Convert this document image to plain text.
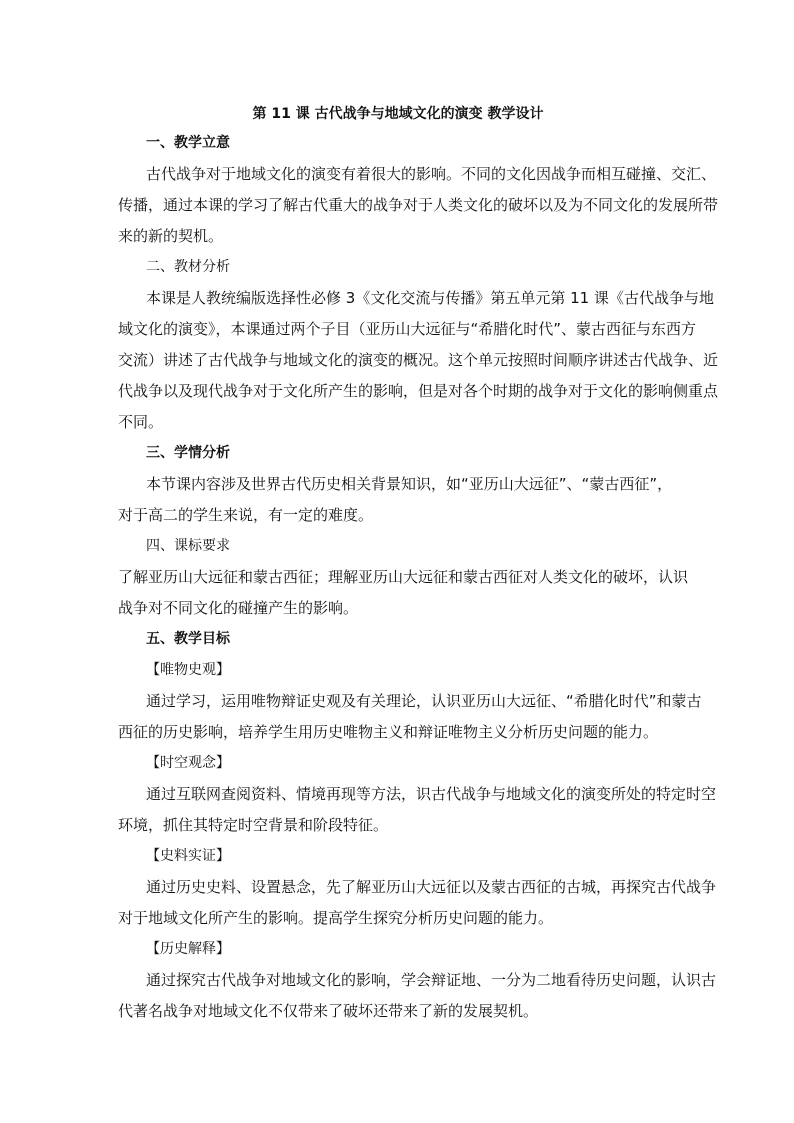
第 11 课 古代战争与地域文化的演变 教学设计
一、教学立意
古代战争对于地域文化的演变有着很大的影响。不同的文化因战争而相互碰撞、交汇、
传播，通过本课的学习了解古代重大的战争对于人类文化的破坏以及为不同文化的发展所带
来的新的契机。
二、教材分析
本课是人教统编版选择性必修 3《文化交流与传播》第五单元第 11 课《古代战争与地
域文化的演变》，本课通过两个子目（亚历山大远征与“希腊化时代”、蒙古西征与东西方
交流）讲述了古代战争与地域文化的演变的概况。这个单元按照时间顺序讲述古代战争、近
代战争以及现代战争对于文化所产生的影响，但是对各个时期的战争对于文化的影响侧重点
不同。
三、学情分析
本节课内容涉及世界古代历史相关背景知识，如“亚历山大远征”、“蒙古西征”，
对于高二的学生来说，有一定的难度。
四、课标要求
了解亚历山大远征和蒙古西征；理解亚历山大远征和蒙古西征对人类文化的破坏，认识
战争对不同文化的碰撞产生的影响。
五、教学目标
【唯物史观】
通过学习，运用唯物辩证史观及有关理论，认识亚历山大远征、“希腊化时代”和蒙古
西征的历史影响，培养学生用历史唯物主义和辩证唯物主义分析历史问题的能力。
【时空观念】
通过互联网查阅资料、情境再现等方法，识古代战争与地域文化的演变所处的特定时空
环境，抓住其特定时空背景和阶段特征。
【史料实证】
通过历史史料、设置悬念，先了解亚历山大远征以及蒙古西征的古城，再探究古代战争
对于地域文化所产生的影响。提高学生探究分析历史问题的能力。
【历史解释】
通过探究古代战争对地域文化的影响，学会辩证地、一分为二地看待历史问题，认识古
代著名战争对地域文化不仅带来了破坏还带来了新的发展契机。
